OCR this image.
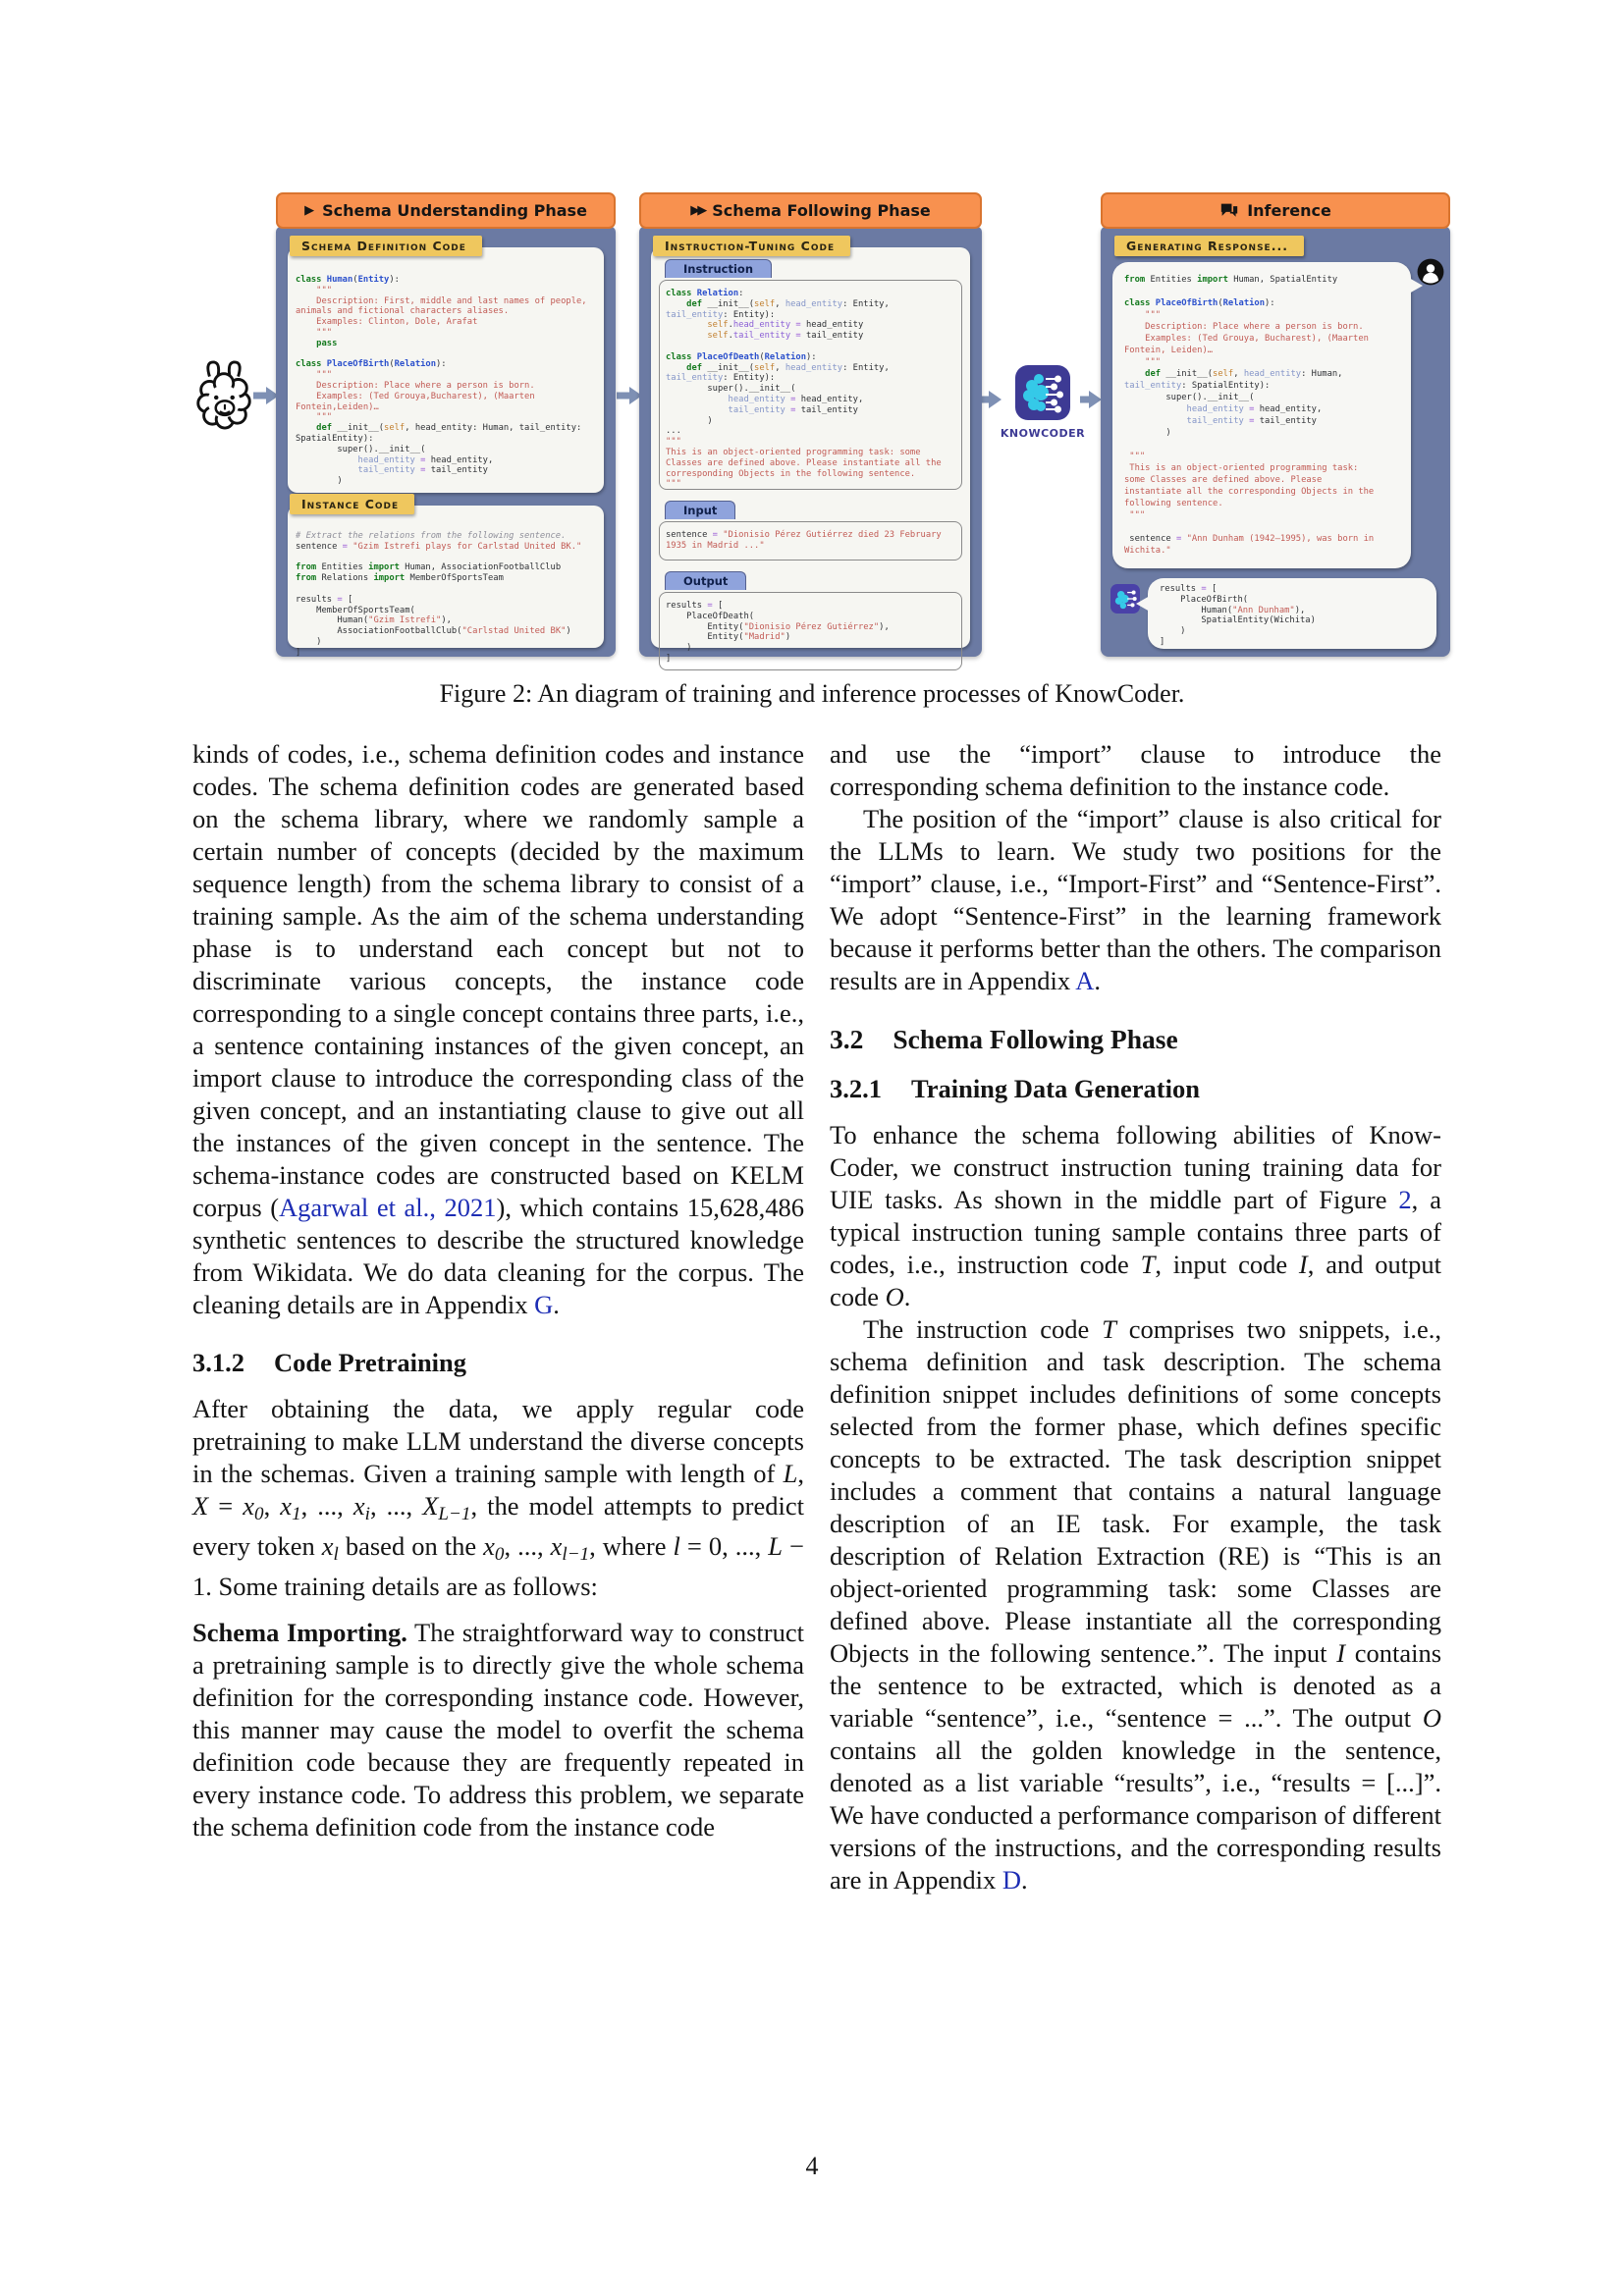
KNOWCODER
▶ Schema Understanding Phase
Schema Definition Code
class Human(Entity):
"""
Description: First, middle and last names of people,
animals and fictional characters aliases.
Examples: Clinton, Dole, Arafat
"""
pass

class PlaceOfBirth(Relation):
"""
Description: Place where a person is born.
Examples: (Ted Grouya,Bucharest), (Maarten
Fontein,Leiden)…
"""
def __init__(self, head_entity: Human, tail_entity:
SpatialEntity):
super().__init__(
head_entity = head_entity,
tail_entity = tail_entity
)
Instance Code
# Extract the relations from the following sentence.
sentence = "Gzim Istrefi plays for Carlstad United BK."

from Entities import Human, AssociationFootballClub
from Relations import MemberOfSportsTeam

results = [
MemberOfSportsTeam(
Human("Gzim Istrefi"),
AssociationFootballClub("Carlstad United BK")
)
]
▶▶ Schema Following Phase
Instruction-Tuning Code
Instruction
class Relation:
def __init__(self, head_entity: Entity,
tail_entity: Entity):
self.head_entity = head_entity
self.tail_entity = tail_entity

class PlaceOfDeath(Relation):
def __init__(self, head_entity: Entity,
tail_entity: Entity):
super().__init__(
head_entity = head_entity,
tail_entity = tail_entity
)
...
"""
This is an object-oriented programming task: some
Classes are defined above. Please instantiate all the
corresponding Objects in the following sentence.
"""
Input
sentence = "Dionisio Pérez Gutiérrez died 23 February
1935 in Madrid ..."
Output
results = [
PlaceOfDeath(
Entity("Dionisio Pérez Gutiérrez"),
Entity("Madrid")
)
]
Inference
Generating Response...
from Entities import Human, SpatialEntity

class PlaceOfBirth(Relation):
"""
Description: Place where a person is born.
Examples: (Ted Grouya, Bucharest), (Maarten
Fontein, Leiden)…
"""
def __init__(self, head_entity: Human,
tail_entity: SpatialEntity):
super().__init__(
head_entity = head_entity,
tail_entity = tail_entity
)

"""
This is an object-oriented programming task:
some Classes are defined above. Please
instantiate all the corresponding Objects in the
following sentence.
"""

sentence = "Ann Dunham (1942–1995), was born in
Wichita."
results = [
PlaceOfBirth(
Human("Ann Dunham"),
SpatialEntity(Wichita)
)
]
Figure 2: An diagram of training and inference processes of KnowCoder.

kinds of codes, i.e., schema definition codes and instance codes. The schema definition codes are generated based on the schema library, where we randomly sample a certain number of concepts (decided by the maximum sequence length) from the schema library to consist of a training sample. As the aim of the schema understanding phase is to understand each concept but not to discriminate various concepts, the instance code corresponding to a single concept contains three parts, i.e., a sentence containing instances of the given concept, an import clause to introduce the corresponding class of the given concept, and an instantiating clause to give out all the instances of the given concept in the sentence. The schema-instance codes are constructed based on KELM corpus (Agarwal et al., 2021), which contains 15,628,486 synthetic sentences to describe the structured knowledge from Wikidata. We do data cleaning for the corpus. The cleaning details are in Appendix G.

3.1.2 Code Pretraining

After obtaining the data, we apply regular code pretraining to make LLM understand the diverse concepts in the schemas. Given a training sample with length of L, X = x0, x1, ..., xi, ..., XL−1, the model attempts to predict every token xl based on the x0, ..., xl−1, where l = 0, ..., L − 1. Some training details are as follows:

Schema Importing. The straightforward way to construct a pretraining sample is to directly give the whole schema definition for the corresponding instance code. However, this manner may cause the model to overfit the schema definition code because they are frequently repeated in every instance code. To address this problem, we separate the schema definition code from the instance code

and use the “import” clause to introduce the corresponding schema definition to the instance code.

The position of the “import” clause is also critical for the LLMs to learn. We study two positions for the “import” clause, i.e., “Import-First” and “Sentence-First”. We adopt “Sentence-First” in the learning framework because it performs better than the others. The comparison results are in Appendix A.

3.2 Schema Following Phase
3.2.1 Training Data Generation

To enhance the schema following abilities of Know-Coder, we construct instruction tuning training data for UIE tasks. As shown in the middle part of Figure 2, a typical instruction tuning sample contains three parts of codes, i.e., instruction code T, input code I, and output code O.

The instruction code T comprises two snippets, i.e., schema definition and task description. The schema definition snippet includes definitions of some concepts selected from the former phase, which defines specific concepts to be extracted. The task description snippet includes a comment that contains a natural language description of an IE task. For example, the task description of Relation Extraction (RE) is “This is an object-oriented programming task: some Classes are defined above. Please instantiate all the corresponding Objects in the following sentence.”. The input I contains the sentence to be extracted, which is denoted as a variable “sentence”, i.e., “sentence = ...”. The output O contains all the golden knowledge in the sentence, denoted as a list variable “results”, i.e., “results = [...]”. We have conducted a performance comparison of different versions of the instructions, and the corresponding results are in Appendix D.

4
